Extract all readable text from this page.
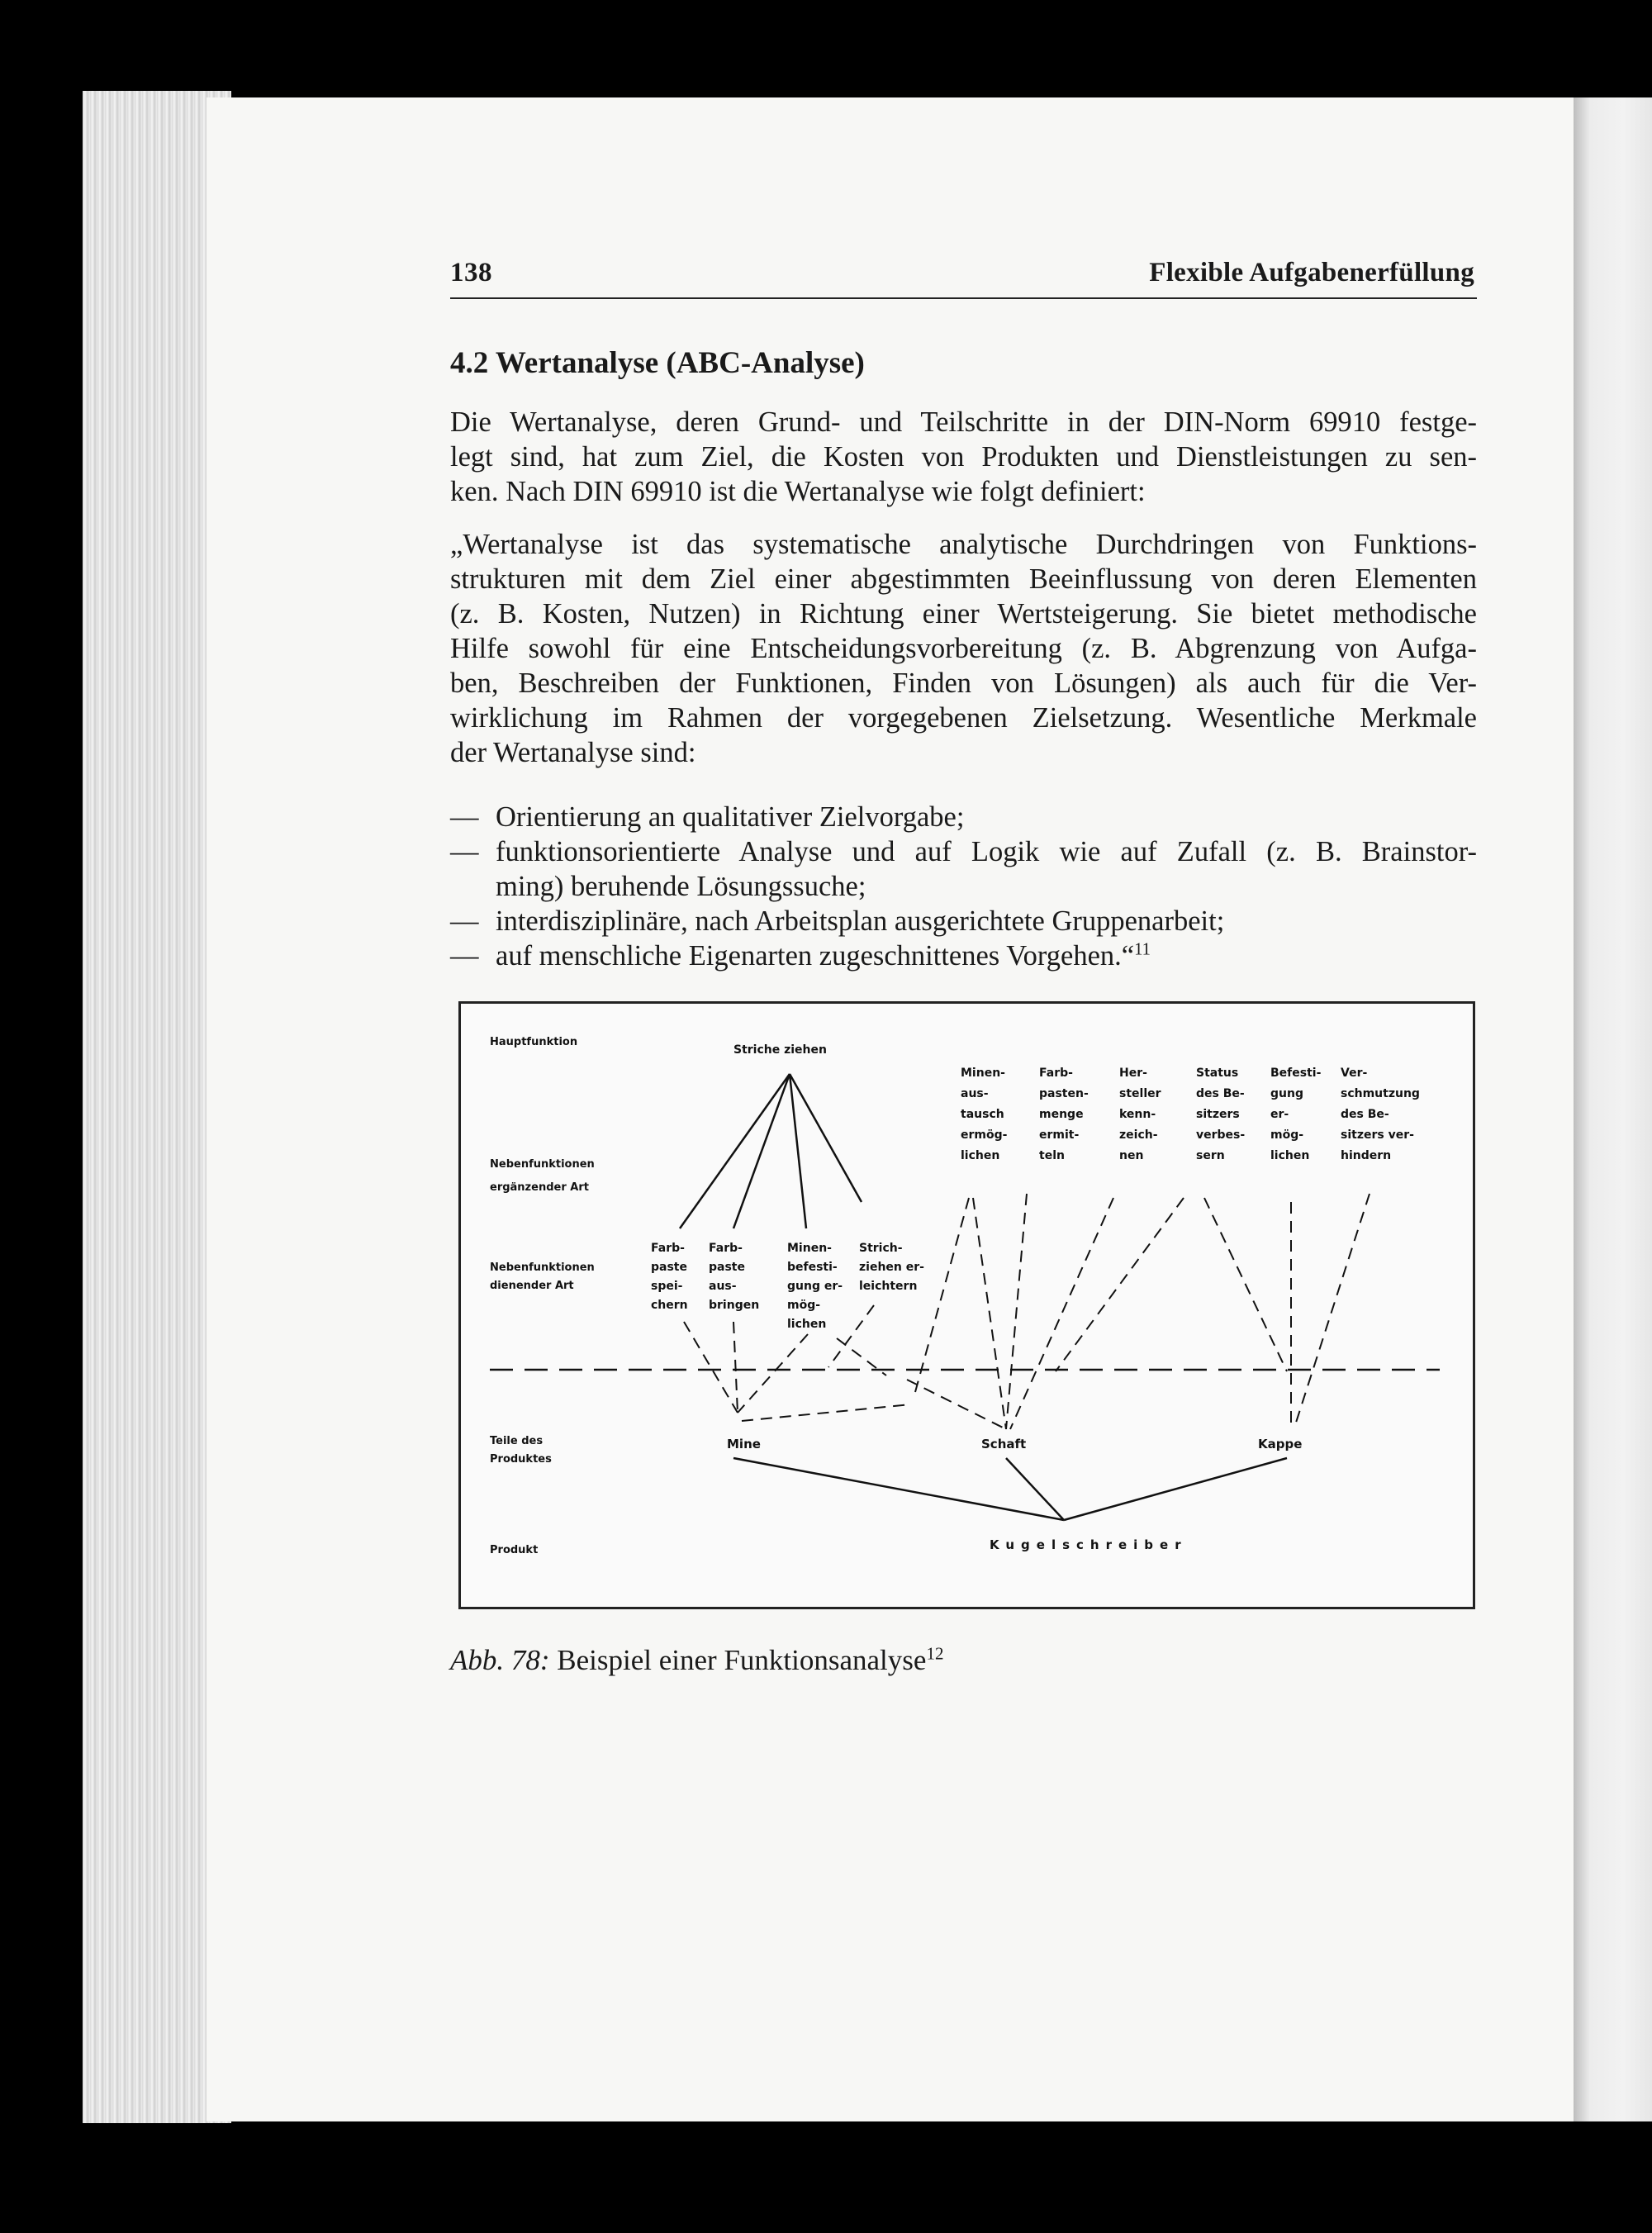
138	Flexible Aufgabenerfüllung
4.2 Wertanalyse (ABC-Analyse)
Die Wertanalyse, deren Grund- und Teilschritte in der DIN-Norm 69910 festge-
legt sind, hat zum Ziel, die Kosten von Produkten und Dienstleistungen zu sen-
ken. Nach DIN 69910 ist die Wertanalyse wie folgt definiert:
„Wertanalyse ist das systematische analytische Durchdringen von Funktions-
strukturen mit dem Ziel einer abgestimmten Beeinflussung von deren Elementen
(z. B. Kosten, Nutzen) in Richtung einer Wertsteigerung. Sie bietet methodische
Hilfe sowohl für eine Entscheidungsvorbereitung (z. B. Abgrenzung von Aufga-
ben, Beschreiben der Funktionen, Finden von Lösungen) als auch für die Ver-
wirklichung im Rahmen der vorgegebenen Zielsetzung. Wesentliche Merkmale
der Wertanalyse sind:
— Orientierung an qualitativer Zielvorgabe;
— funktionsorientierte Analyse und auf Logik wie auf Zufall (z. B. Brainstor-
ming) beruhende Lösungssuche;
— interdisziplinäre, nach Arbeitsplan ausgerichtete Gruppenarbeit;
— auf menschliche Eigenarten zugeschnittenes Vorgehen.“$^{11}$
Hauptfunktion
Nebenfunktionen
ergänzender Art
Nebenfunktionen
dienender Art
Teile des
Produktes
Produkt
Striche ziehen
Minen-
aus-
tausch
ermög-
lichen
Farb-
pasten-
menge
ermit-
teln
Her-
steller
kenn-
zeich-
nen
Status
des Be-
sitzers
verbes-
sern
Befesti-
gung
er-
mög-
lichen
Ver-
schmutzung
des Be-
sitzers ver-
hindern
Farb-
paste
spei-
chern
Farb-
paste
aus-
bringen
Minen-
befesti-
gung er-
mög-
lichen
Strich-
ziehen er-
leichtern
Mine	Schaft	Kappe
Kugelschreiber
Abb. 78: Beispiel einer Funktionsanalyse$^{12}$
